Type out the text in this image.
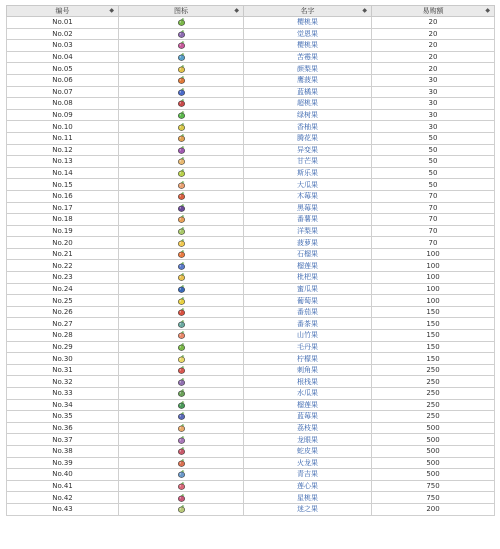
编号 ◆	图标 ◆	名字 ◆	易购额 ◆

No.01		樱桃果	20
No.02		觉恩果	20
No.03		樱桃果	20
No.04		苦霉果	20
No.05		颜梨果	20
No.06		鹰菠果	30
No.07		蓝橘果	30
No.08		超桃果	30
No.09		绿树果	30
No.10		香柚果	30
No.11		腾花果	50
No.12		异变果	50
No.13		甘芒果	50
No.14		斯乐果	50
No.15		大瓜果	50
No.16		木莓果	70
No.17		黑莓果	70
No.18		番薯果	70
No.19		洋梨果	70
No.20		菠萝果	70
No.21		石榴果	100
No.22		榴莲果	100
No.23		枇杷果	100
No.24		蜜瓜果	100
No.25		葡萄果	100
No.26		番茄果	150
No.27		番茶果	150
No.28		山竹果	150
No.29		毛丹果	150
No.30		柠檬果	150
No.31		刺角果	250
No.32		根栈果	250
No.33		水瓜果	250
No.34		榴莲果	250
No.35		蓝莓果	250
No.36		荔枝果	500
No.37		龙眼果	500
No.38		蛇皮果	500
No.39		火龙果	500
No.40		青吉果	500
No.41		莲心果	750
No.42		星桃果	750
No.43		迷之果	200
